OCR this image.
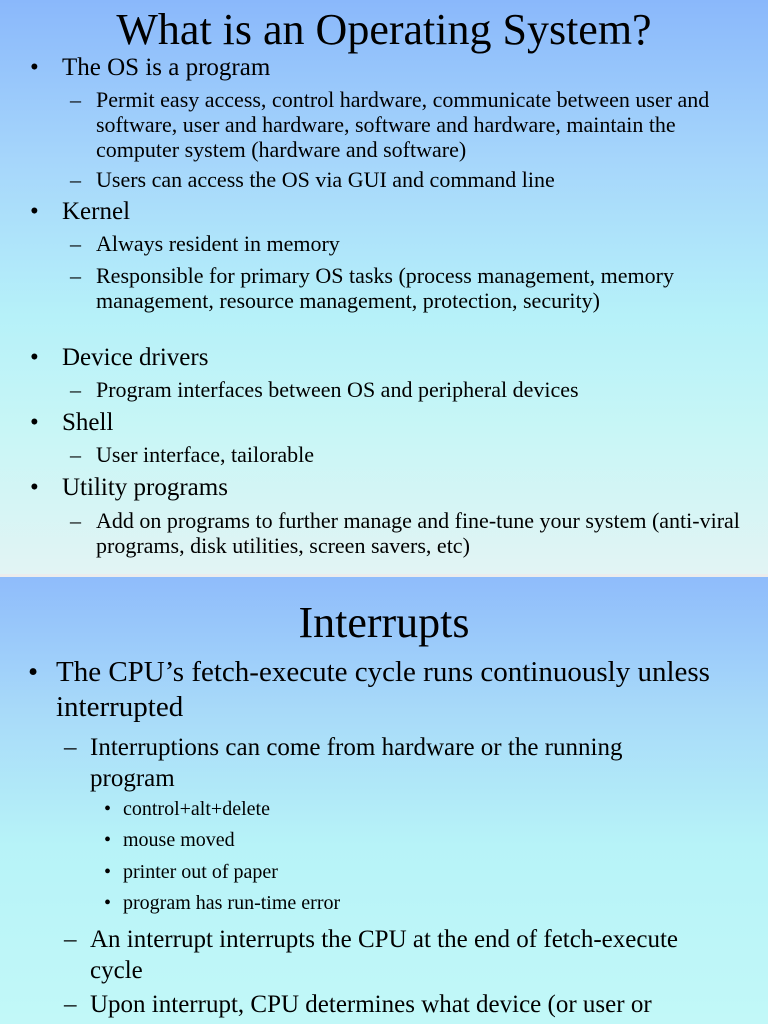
What is an Operating System?
• The OS is a program

– Permit easy access, control hardware, communicate between user and software, user and hardware, software and hardware, maintain the computer system (hardware and software)

– Users can access the OS via GUI and command line

• Kernel

– Always resident in memory

– Responsible for primary OS tasks (process management, memory management, resource management, protection, security)

• Device drivers

– Program interfaces between OS and peripheral devices

• Shell

– User interface, tailorable

• Utility programs

– Add on programs to further manage and fine-tune your system (anti-viral programs, disk utilities, screen savers, etc)

Interrupts
• The CPU’s fetch-execute cycle runs continuously unless interrupted

– Interruptions can come from hardware or the running program

• control+alt+delete

• mouse moved

• printer out of paper

• program has run-time error

– An interrupt interrupts the CPU at the end of fetch-execute cycle

– Upon interrupt, CPU determines what device (or user or
